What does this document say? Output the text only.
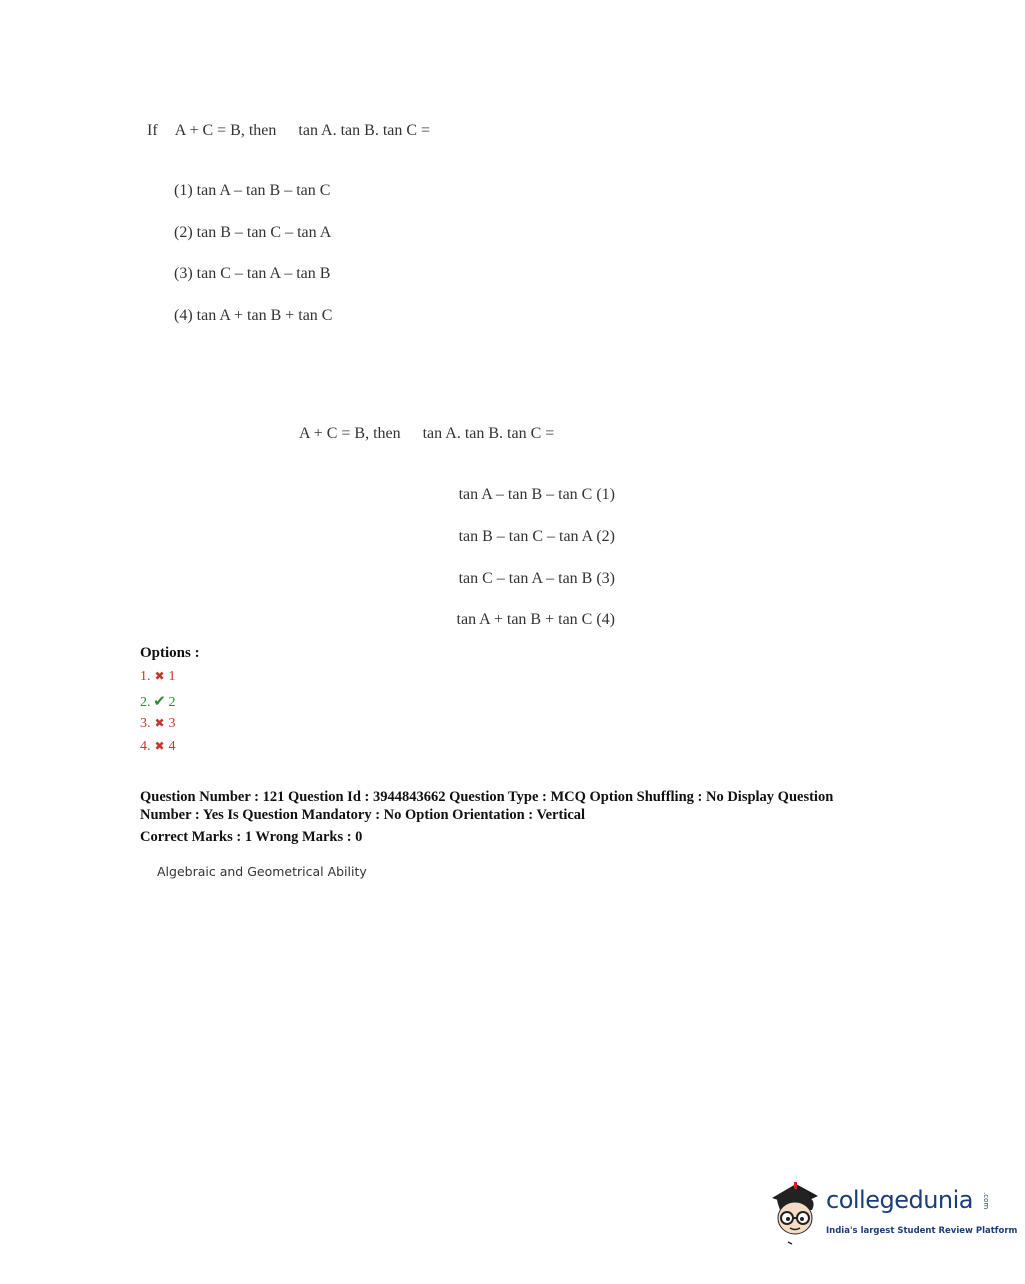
If A + C = B, then tan A. tan B. tan C =
(1) tan A – tan B – tan C
(2) tan B – tan C – tan A
(3) tan C – tan A – tan B
(4) tan A + tan B + tan C
A + C = B, then tan A. tan B. tan C =
tan A – tan B – tan C (1)
tan B – tan C – tan A (2)
tan C – tan A – tan B (3)
tan A + tan B + tan C (4)
Options :
1. ✖ 1
2. ✔ 2
3. ✖ 3
4. ✖ 4
Question Number : 121 Question Id : 3944843662 Question Type : MCQ Option Shuffling : No Display Question
Number : Yes Is Question Mandatory : No Option Orientation : Vertical
Correct Marks : 1 Wrong Marks : 0
Algebraic and Geometrical Ability
collegedunia .com
India's largest Student Review Platform
